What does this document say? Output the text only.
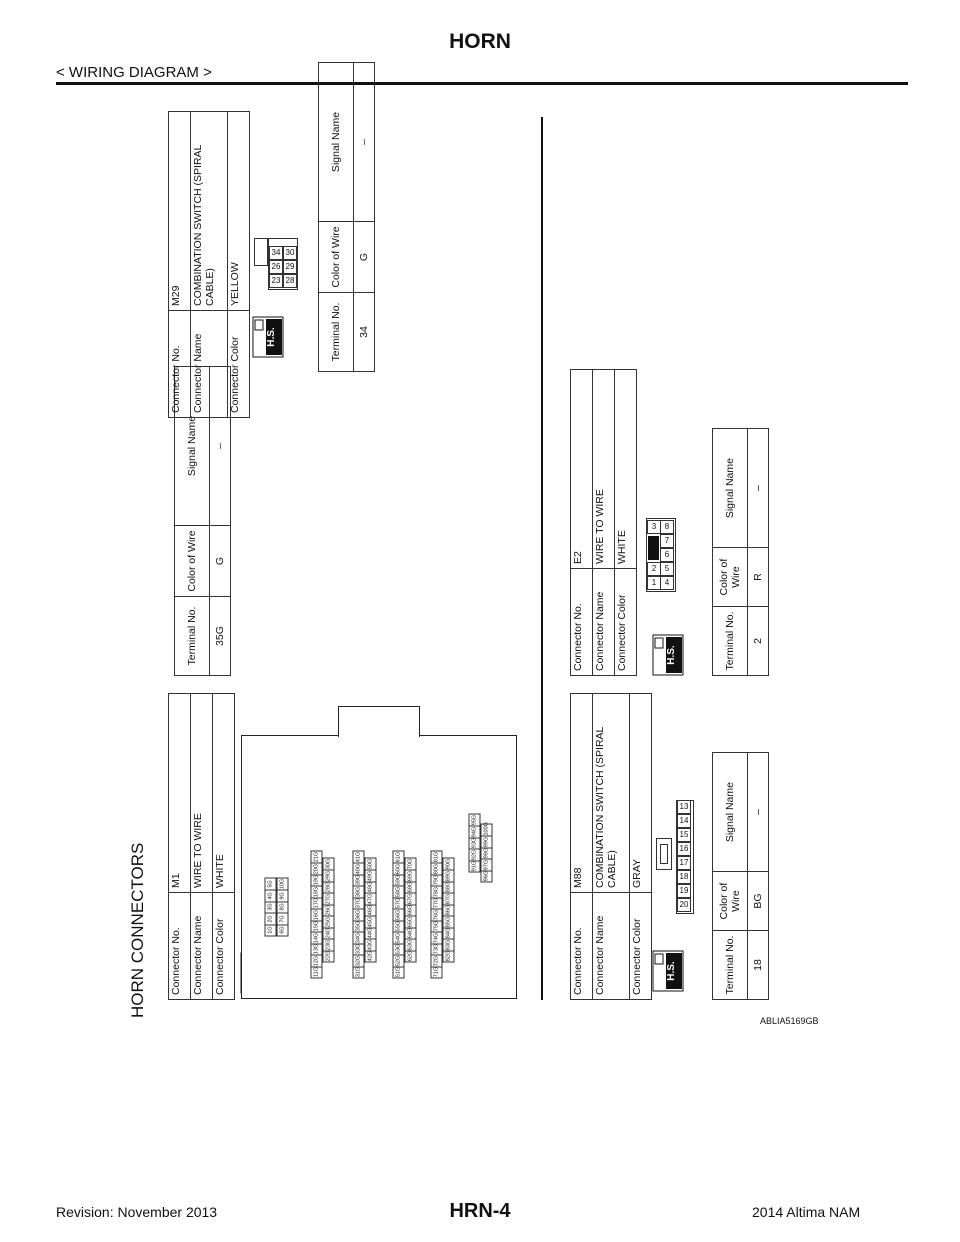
HORN
< WIRING DIAGRAM >
HORN CONNECTORS Connector No.	M1
Connector Name	WIRE TO WIRE
Connector Color	WHITE
1G
2G
3G
4G
5G
6G
7G
8G
9G
10G
11G
12G
13G
14G
15G
16G
17G
18G
19G
20G
21G
22G
23G
24G
25G
26G
27G
28G
29G
30G
31G
32G
33G
34G
35G
36G
37G
38G
39G
40G
41G
42G
43G
44G
45G
46G
47G
48G
49G
50G
51G
52G
53G
54G
55G
56G
57G
58G
59G
60G
61G
62G
63G
64G
65G
66G
67G
68G
69G
70G
71G
72G
73G
74G
75G
76G
77G
78G
79G
80G
81G
82G
83G
84G
85G
86G
87G
88G
89G
90G	91G
92G
93G
94G
95G
96G
97G
98G
99G
100G
Terminal No.	Color of Wire	Signal Name
35G	G	–
Connector No.	M29
Connector Name	COMBINATION SWITCH (SPIRAL CABLE)
Connector Color	YELLOW
H.S.
23
26
34
28
29
30
Terminal No.	Color of Wire	Signal Name
34	G	–
Connector No.	M88
Connector Name	COMBINATION SWITCH (SPIRAL CABLE)
Connector Color	GRAY
H.S.
20
19
18
17
16
15
14
13
Terminal No.	Color of Wire	Signal Name
18	BG	–
Connector No.	E2
Connector Name	WIRE TO WIRE
Connector Color	WHITE
H.S.
1
2
3
4
5
6
7
8
Terminal No.	Color of Wire	Signal Name
2	R	–
ABLIA5169GB
Revision: November 2013	HRN-4	2014 Altima NAM
